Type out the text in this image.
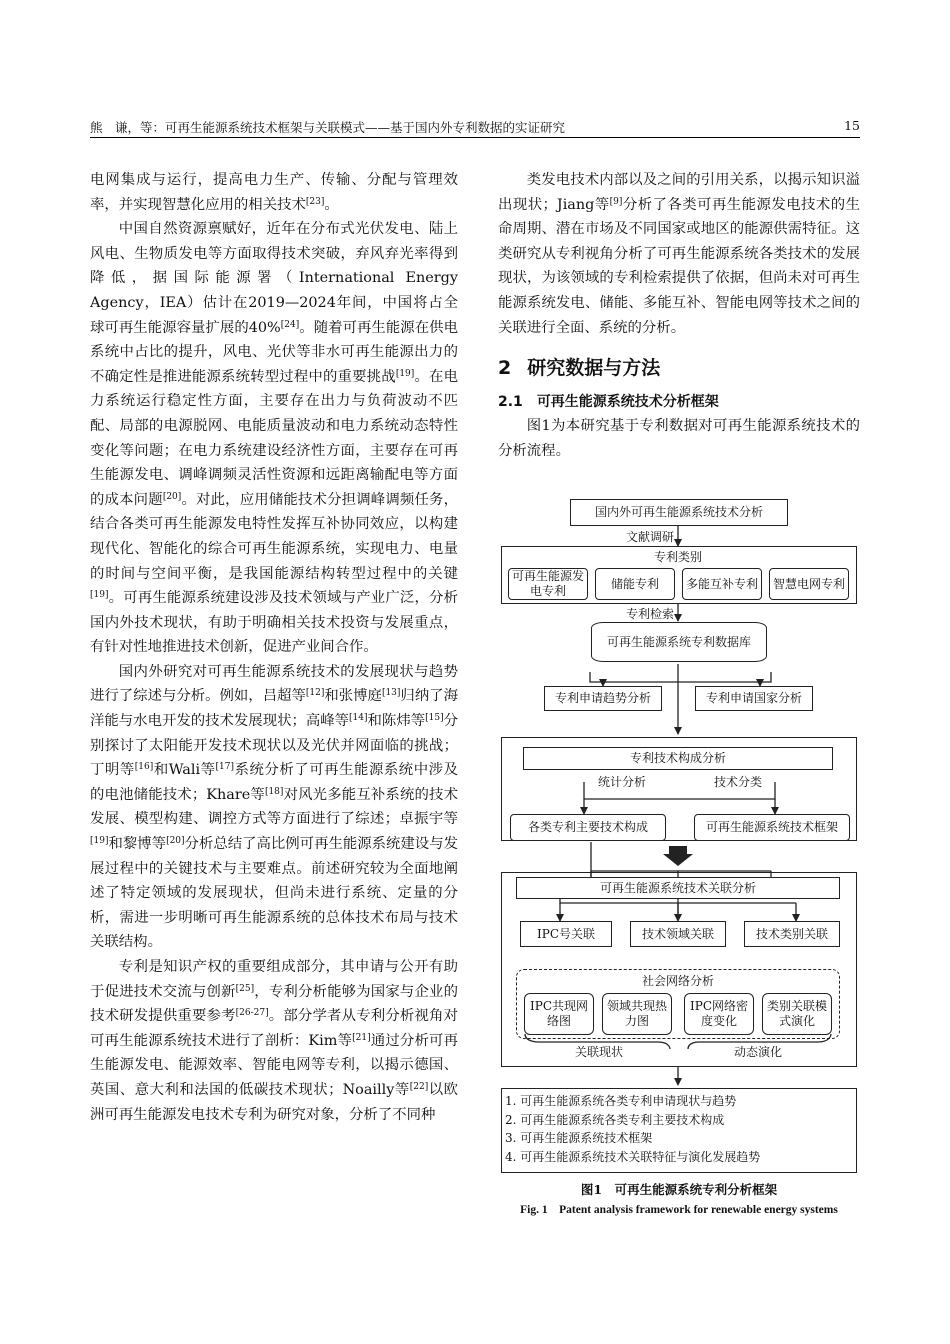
熊　谦，等：可再生能源系统技术框架与关联模式——基于国内外专利数据的实证研究	15

电网集成与运行，提高电力生产、传输、分配与管理效率，并实现智慧化应用的相关技术[23]。

中国自然资源禀赋好，近年在分布式光伏发电、陆上风电、生物质发电等方面取得技术突破，弃风弃光率得到降低，据国际能源署（International Energy Agency，IEA）估计在2019—2024年间，中国将占全球可再生能源容量扩展的40%[24]。随着可再生能源在供电系统中占比的提升，风电、光伏等非水可再生能源出力的不确定性是推进能源系统转型过程中的重要挑战[19]。在电力系统运行稳定性方面，主要存在出力与负荷波动不匹配、局部的电源脱网、电能质量波动和电力系统动态特性变化等问题；在电力系统建设经济性方面，主要存在可再生能源发电、调峰调频灵活性资源和远距离输配电等方面的成本问题[20]。对此，应用储能技术分担调峰调频任务，结合各类可再生能源发电特性发挥互补协同效应，以构建现代化、智能化的综合可再生能源系统，实现电力、电量的时间与空间平衡，是我国能源结构转型过程中的关键[19]。可再生能源系统建设涉及技术领域与产业广泛，分析国内外技术现状，有助于明确相关技术投资与发展重点，有针对性地推进技术创新，促进产业间合作。

国内外研究对可再生能源系统技术的发展现状与趋势进行了综述与分析。例如，吕超等[12]和张博庭[13]归纳了海洋能与水电开发的技术发展现状；高峰等[14]和陈炜等[15]分别探讨了太阳能开发技术现状以及光伏并网面临的挑战；丁明等[16]和Wali等[17]系统分析了可再生能源系统中涉及的电池储能技术；Khare等[18]对风光多能互补系统的技术发展、模型构建、调控方式等方面进行了综述；卓振宇等[19]和黎博等[20]分析总结了高比例可再生能源系统建设与发展过程中的关键技术与主要难点。前述研究较为全面地阐述了特定领域的发展现状，但尚未进行系统、定量的分析，需进一步明晰可再生能源系统的总体技术布局与技术关联结构。

专利是知识产权的重要组成部分，其申请与公开有助于促进技术交流与创新[25]，专利分析能够为国家与企业的技术研发提供重要参考[26-27]。部分学者从专利分析视角对可再生能源系统技术进行了剖析：Kim等[21]通过分析可再生能源发电、能源效率、智能电网等专利，以揭示德国、英国、意大利和法国的低碳技术现状；Noailly等[22]以欧洲可再生能源发电技术专利为研究对象，分析了不同种

类发电技术内部以及之间的引用关系，以揭示知识溢出现状；Jiang等[9]分析了各类可再生能源发电技术的生命周期、潜在市场及不同国家或地区的能源供需特征。这类研究从专利视角分析了可再生能源系统各类技术的发展现状，为该领域的专利检索提供了依据，但尚未对可再生能源系统发电、储能、多能互补、智能电网等技术之间的关联进行全面、系统的分析。

2 研究数据与方法

2.1 可再生能源系统技术分析框架

图1为本研究基于专利数据对可再生能源系统技术的分析流程。

国内外可再生能源系统技术分析
文献调研
专利类别
可再生能源发电专利
储能专利	多能互补专利	智慧电网专利
专利检索
可再生能源系统专利数据库
专利申请趋势分析	专利申请国家分析
专利技术构成分析
统计分析	技术分类
各类专利主要技术构成	可再生能源系统技术框架
可再生能源系统技术关联分析
IPC号关联	技术领域关联	技术类别关联
社会网络分析
IPC共现网络图
领域共现热力图
IPC网络密度变化
类别关联模式演化
关联现状	动态演化
1. 可再生能源系统各类专利申请现状与趋势
2. 可再生能源系统各类专利主要技术构成
3. 可再生能源系统技术框架
4. 可再生能源系统技术关联特征与演化发展趋势
图1　可再生能源系统专利分析框架
Fig. 1　Patent analysis framework for renewable energy systems
